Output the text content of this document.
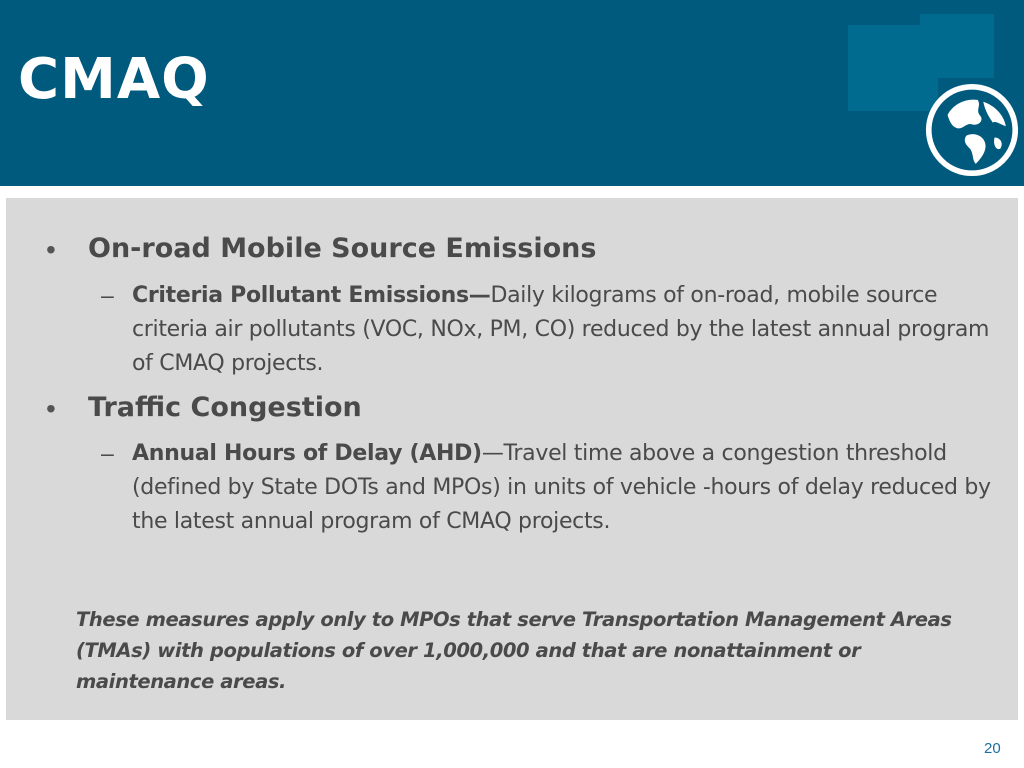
CMAQ
• On-road Mobile Source Emissions
– Criteria Pollutant Emissions—Daily kilograms of on-road, mobile source criteria air pollutants (VOC, NOx, PM, CO) reduced by the latest annual program of CMAQ projects.
• Traffic Congestion
– Annual Hours of Delay (AHD)—Travel time above a congestion threshold (defined by State DOTs and MPOs) in units of vehicle -hours of delay reduced by the latest annual program of CMAQ projects.
These measures apply only to MPOs that serve Transportation Management Areas (TMAs) with populations of over 1,000,000 and that are nonattainment or maintenance areas.
20
